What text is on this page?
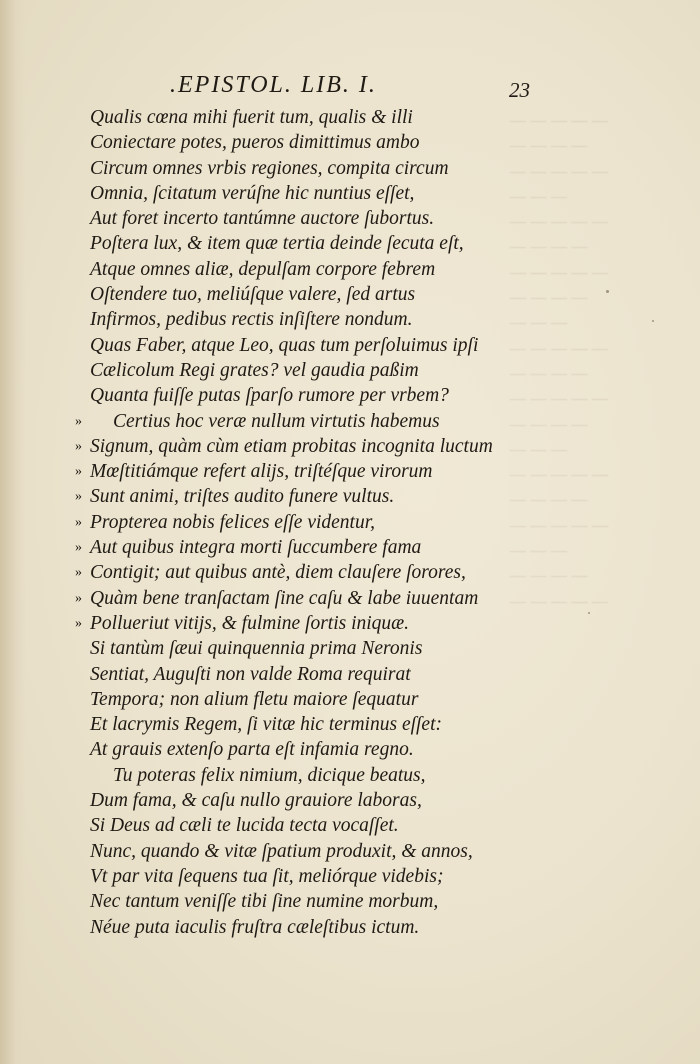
— — — — —
— — — —
— — — — —
— — —
— — — — —
— — — —
— — — — —
— — — —
— — —
— — — — —
— — — —
— — — — —
— — — —
— — —
— — — — —
— — — —
— — — — —
— — —
— — — —
— — — — —
.EPISTOL. LIB. I.	23
Qualis cœna mihi fuerit tum, qualis & illi
Coniectare potes, pueros dimittimus ambo
Circum omnes vrbis regiones, compita circum
Omnia, ſcitatum verúſne hic nuntius eſſet,
Aut foret incerto tantúmne auctore ſubortus.
Poſtera lux, & item quæ tertia deinde ſecuta eſt,
Atque omnes aliæ, depulſam corpore febrem
Oſtendere tuo, meliúſque valere, ſed artus
Infirmos, pedibus rectis inſiſtere nondum.
Quas Faber, atque Leo, quas tum perſoluimus ipſi
Cælicolum Regi grates? vel gaudia paßim
Quanta fuiſſe putas ſparſo rumore per vrbem?
» Certius hoc veræ nullum virtutis habemus
» Signum, quàm cùm etiam probitas incognita luctum
» Mœſtitiámque refert alijs, triſtéſque virorum
» Sunt animi, triſtes audito funere vultus.
» Propterea nobis felices eſſe videntur,
» Aut quibus integra morti ſuccumbere fama
» Contigit; aut quibus antè, diem clauſere ſorores,
» Quàm bene tranſactam ſine caſu & labe iuuentam
» Pollueriut vitijs, & fulmine ſortis iniquæ.
Si tantùm ſæui quinquennia prima Neronis
Sentiat, Auguſti non valde Roma requirat
Tempora; non alium fletu maiore ſequatur
Et lacrymis Regem, ſi vitæ hic terminus eſſet:
At grauis extenſo parta eſt infamia regno.
Tu poteras felix nimium, dicique beatus,
Dum fama, & caſu nullo grauiore laboras,
Si Deus ad cæli te lucida tecta vocaſſet.
Nunc, quando & vitæ ſpatium produxit, & annos,
Vt par vita ſequens tua ſit, meliórque videbis;
Nec tantum veniſſe tibi ſine numine morbum,
Néue puta iaculis fruſtra cæleſtibus ictum.
